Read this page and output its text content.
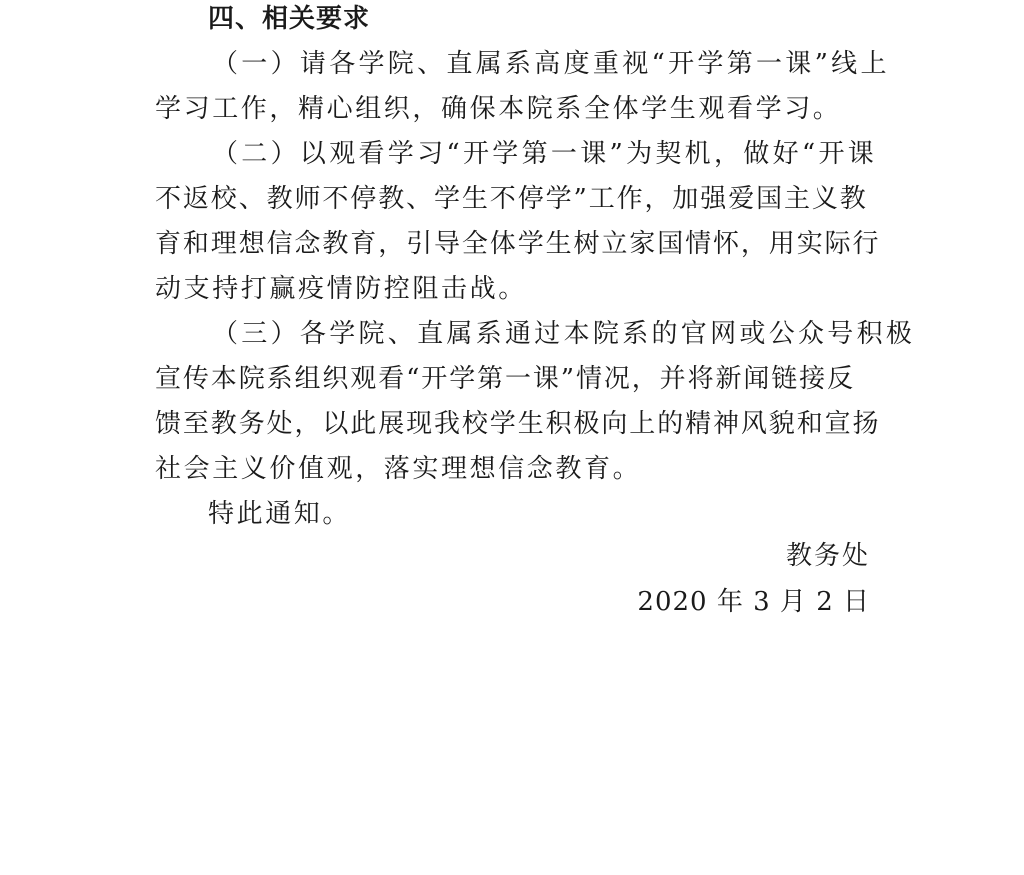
四、相关要求
（一）请各学院、直属系高度重视“开学第一课”线上
学习工作，精心组织，确保本院系全体学生观看学习。
（二）以观看学习“开学第一课”为契机，做好“开课
不返校、教师不停教、学生不停学”工作，加强爱国主义教
育和理想信念教育，引导全体学生树立家国情怀，用实际行
动支持打赢疫情防控阻击战。
（三）各学院、直属系通过本院系的官网或公众号积极
宣传本院系组织观看“开学第一课”情况，并将新闻链接反
馈至教务处，以此展现我校学生积极向上的精神风貌和宣扬
社会主义价值观，落实理想信念教育。
特此通知。
教务处
2020 年 3 月 2 日
